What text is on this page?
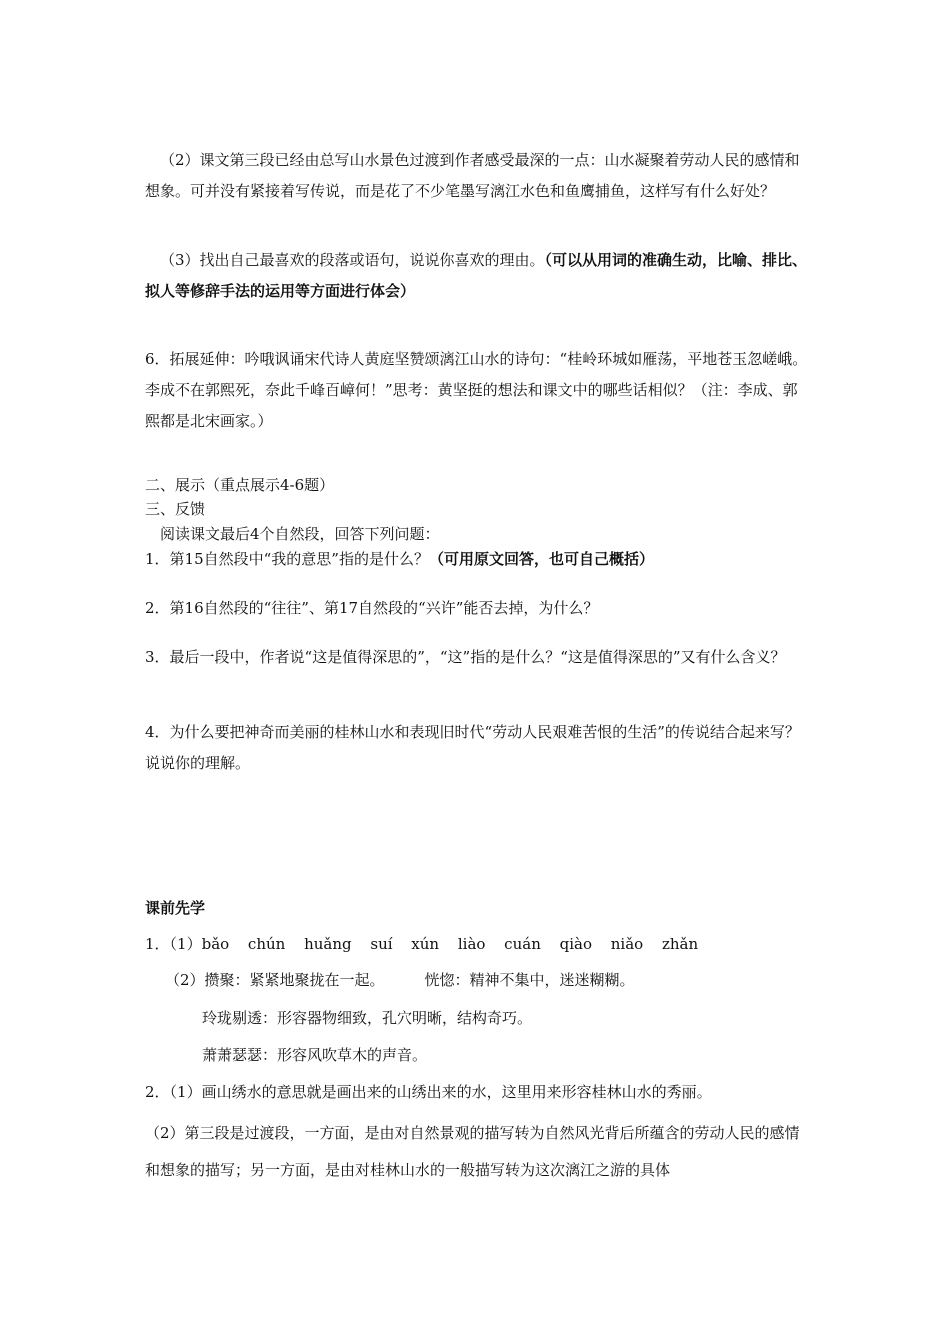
（2）课文第三段已经由总写山水景色过渡到作者感受最深的一点：山水凝聚着劳动人民的感情和想象。可并没有紧接着写传说，而是花了不少笔墨写漓江水色和鱼鹰捕鱼，这样写有什么好处？

（3）找出自己最喜欢的段落或语句，说说你喜欢的理由。（可以从用词的准确生动，比喻、排比、拟人等修辞手法的运用等方面进行体会）

6．拓展延伸：吟哦讽诵宋代诗人黄庭坚赞颂漓江山水的诗句：“桂岭环城如雁荡，平地苍玉忽嵯峨。李成不在郭熙死，奈此千峰百嶂何！”思考：黄坚挺的想法和课文中的哪些话相似？（注：李成、郭熙都是北宋画家。）

二、展示（重点展示4-6题）

三、反馈

阅读课文最后4个自然段，回答下列问题：

1．第15自然段中“我的意思”指的是什么？（可用原文回答，也可自己概括）

2．第16自然段的“往往”、第17自然段的“兴许”能否去掉，为什么？

3．最后一段中，作者说“这是值得深思的”，“这”指的是什么？“这是值得深思的”又有什么含义？

4．为什么要把神奇而美丽的桂林山水和表现旧时代“劳动人民艰难苦恨的生活”的传说结合起来写？说说你的理解。

课前先学

1．（1）bǎo chún huǎng suí xún liào cuán qiào niǎo zhǎn

（2）攒聚：紧紧地聚拢在一起。	恍惚：精神不集中，迷迷糊糊。

玲珑剔透：形容器物细致，孔穴明晰，结构奇巧。

萧萧瑟瑟：形容风吹草木的声音。

2．（1）画山绣水的意思就是画出来的山绣出来的水，这里用来形容桂林山水的秀丽。

（2）第三段是过渡段，一方面，是由对自然景观的描写转为自然风光背后所蕴含的劳动人民的感情和想象的描写；另一方面，是由对桂林山水的一般描写转为这次漓江之游的具体
